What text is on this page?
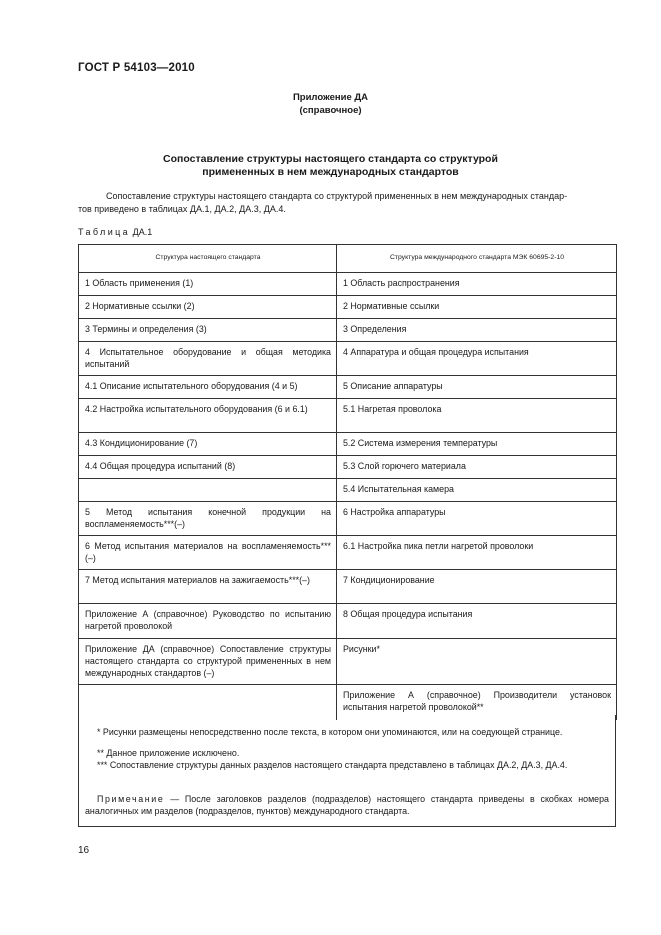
ГОСТ Р 54103—2010
Приложение ДА
(справочное)
Сопоставление структуры настоящего стандарта со структурой
примененных в нем международных стандартов
Сопоставление структуры настоящего стандарта со структурой примененных в нем международных стандар-
тов приведено в таблицах ДА.1, ДА.2, ДА.3, ДА.4.
Таблица ДА.1
Структура настоящего стандарта	Структура международного стандарта МЭК 60695-2-10
1 Область применения (1)	1 Область распространения
2 Нормативные ссылки (2)	2 Нормативные ссылки
3 Термины и определения (3)	3 Определения
4 Испытательное оборудование и общая методика испытаний	4 Аппаратура и общая процедура испытания
4.1 Описание испытательного оборудования (4 и 5)	5 Описание аппаратуры
4.2 Настройка испытательного оборудования (6 и 6.1)	5.1 Нагретая проволока
4.3 Кондиционирование (7)	5.2 Система измерения температуры
4.4 Общая процедура испытаний (8)	5.3 Слой горючего материала
	5.4 Испытательная камера
5 Метод испытания конечной продукции на воспламеняемость***(–)	6 Настройка аппаратуры
6 Метод испытания материалов на воспламеняемость***(–)	6.1 Настройка пика петли нагретой проволоки
7 Метод испытания материалов на зажигаемость***(–)	7 Кондиционирование
Приложение А (справочное) Руководство по испытанию нагретой проволокой	8 Общая процедура испытания
Приложение ДА (справочное) Сопоставление структуры настоящего стандарта со структурой примененных в нем международных стандартов (–)	Рисунки*
	Приложение А (справочное) Производители установок испытания нагретой проволокой**
* Рисунки размещены непосредственно после текста, в котором они упоминаются, или на соедующей странице.
** Данное приложение исключено.
*** Сопоставление структуры данных разделов настоящего стандарта представлено в таблицах ДА.2, ДА.3, ДА.4.
Примечание — После заголовков разделов (подразделов) настоящего стандарта приведены в скобках номера аналогичных им разделов (подразделов, пунктов) международного стандарта.
16
